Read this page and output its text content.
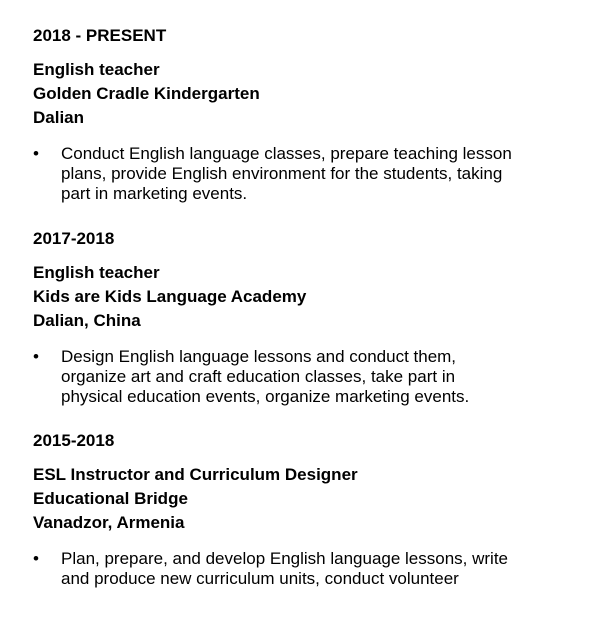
2018 - PRESENT
English teacher
Golden Cradle Kindergarten
Dalian
•	Conduct English language classes, prepare teaching lesson
plans, provide English environment for the students, taking
part in marketing events.
2017-2018
English teacher
Kids are Kids Language Academy
Dalian, China
•	Design English language lessons and conduct them,
organize art and craft education classes, take part in
physical education events, organize marketing events.
2015-2018
ESL Instructor and Curriculum Designer
Educational Bridge
Vanadzor, Armenia
•	Plan, prepare, and develop English language lessons, write
and produce new curriculum units, conduct volunteer
